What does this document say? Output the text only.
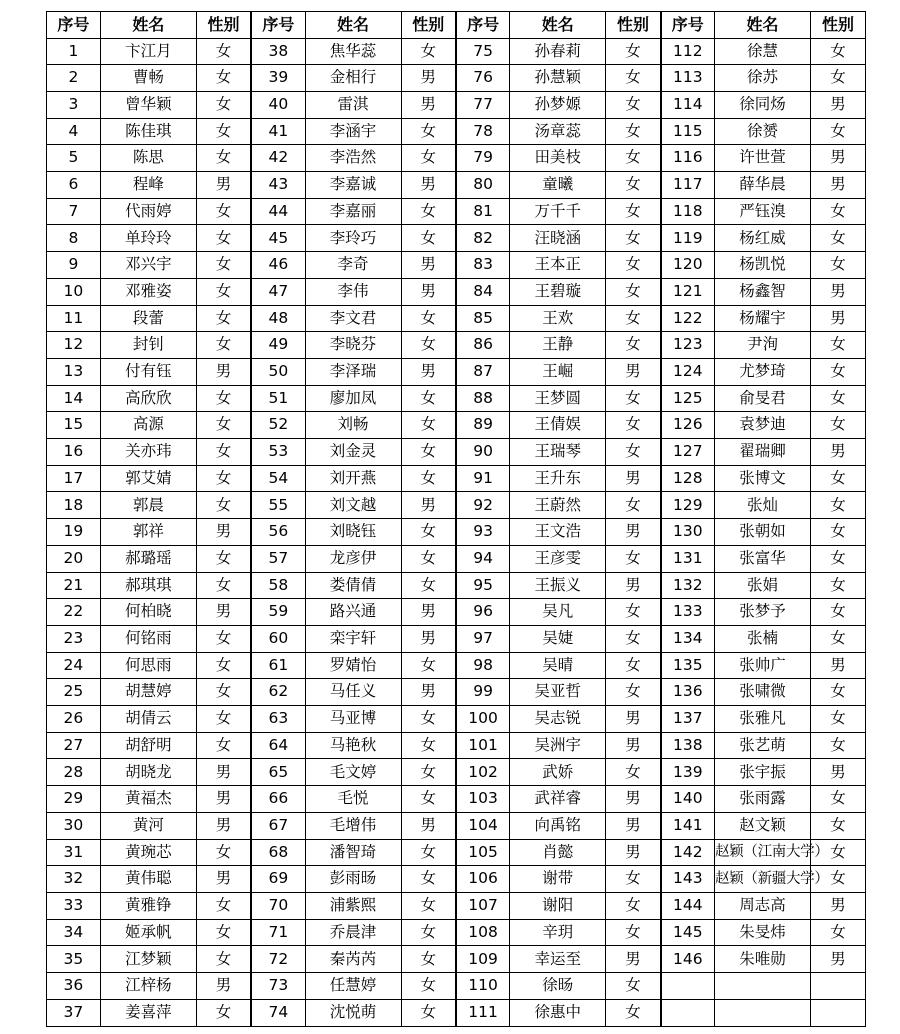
序号	姓名	性别	序号	姓名	性别	序号	姓名	性别	序号	姓名	性别
1	卞江月	女	38	焦华蕊	女	75	孙春莉	女	112	徐慧	女
2	曹畅	女	39	金相行	男	76	孙慧颖	女	113	徐苏	女
3	曾华颖	女	40	雷淇	男	77	孙梦嫄	女	114	徐同炀	男
4	陈佳琪	女	41	李涵宇	女	78	汤章蕊	女	115	徐赟	女
5	陈思	女	42	李浩然	女	79	田美枝	女	116	许世萱	男
6	程峰	男	43	李嘉诚	男	80	童曦	女	117	薛华晨	男
7	代雨婷	女	44	李嘉丽	女	81	万千千	女	118	严钰溴	女
8	单玲玲	女	45	李玲巧	女	82	汪晓涵	女	119	杨红威	女
9	邓兴宇	女	46	李奇	男	83	王本正	女	120	杨凯悦	女
10	邓雅姿	女	47	李伟	男	84	王碧璇	女	121	杨鑫智	男
11	段蕾	女	48	李文君	女	85	王欢	女	122	杨耀宇	男
12	封钊	女	49	李晓芬	女	86	王静	女	123	尹洵	女
13	付有钰	男	50	李泽瑞	男	87	王崛	男	124	尤梦琦	女
14	高欣欣	女	51	廖加凤	女	88	王梦圆	女	125	俞旻君	女
15	高源	女	52	刘畅	女	89	王倩娱	女	126	袁梦迪	女
16	关亦玮	女	53	刘金灵	女	90	王瑞琴	女	127	翟瑞卿	男
17	郭艾婧	女	54	刘开燕	女	91	王升东	男	128	张博文	女
18	郭晨	女	55	刘文越	男	92	王蔚然	女	129	张灿	女
19	郭祥	男	56	刘晓钰	女	93	王文浩	男	130	张朝如	女
20	郝璐瑶	女	57	龙彦伊	女	94	王彦雯	女	131	张富华	女
21	郝琪琪	女	58	娄倩倩	女	95	王振义	男	132	张娟	女
22	何柏晓	男	59	路兴通	男	96	吴凡	女	133	张梦予	女
23	何铭雨	女	60	栾宇轩	男	97	吴婕	女	134	张楠	女
24	何思雨	女	61	罗婧怡	女	98	吴晴	女	135	张帅广	男
25	胡慧婷	女	62	马任义	男	99	吴亚哲	女	136	张啸微	女
26	胡倩云	女	63	马亚博	女	100	吴志锐	男	137	张雅凡	女
27	胡舒明	女	64	马艳秋	女	101	吴洲宇	男	138	张艺萌	女
28	胡晓龙	男	65	毛文婷	女	102	武娇	女	139	张宇振	男
29	黄福杰	男	66	毛悦	女	103	武祥睿	男	140	张雨露	女
30	黄河	男	67	毛增伟	男	104	向禹铭	男	141	赵文颖	女
31	黄琬芯	女	68	潘智琦	女	105	肖懿	男	142	赵颖（江南大学）	女
32	黄伟聪	男	69	彭雨旸	女	106	谢带	女	143	赵颖（新疆大学）	女
33	黄雅铮	女	70	浦紫熙	女	107	谢阳	女	144	周志高	男
34	姬承帆	女	71	乔晨津	女	108	辛玥	女	145	朱旻炜	女
35	江梦颖	女	72	秦芮芮	女	109	幸运至	男	146	朱唯勋	男
36	江梓杨	男	73	任慧婷	女	110	徐旸	女			
37	姜喜萍	女	74	沈悦萌	女	111	徐惠中	女			
